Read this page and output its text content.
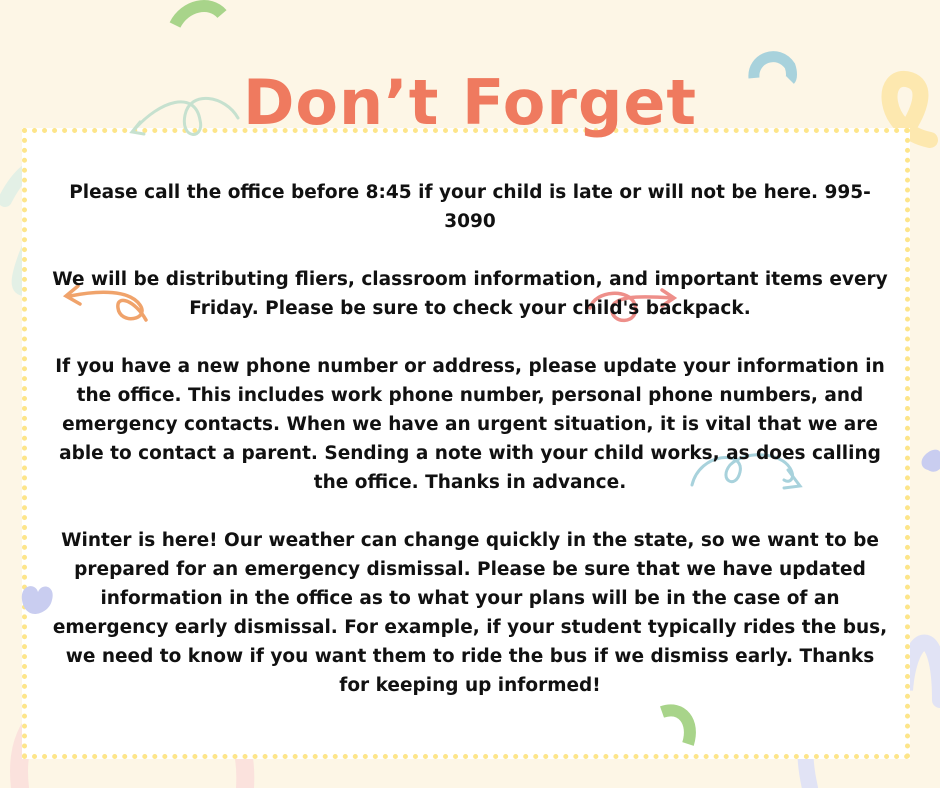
Don’t Forget

Please call the office before 8:45 if your child is late or will not be here. 995-3090

We will be distributing fliers, classroom information, and important items every Friday. Please be sure to check your child's backpack.

If you have a new phone number or address, please update your information in the office. This includes work phone number, personal phone numbers, and emergency contacts. When we have an urgent situation, it is vital that we are able to contact a parent. Sending a note with your child works, as does calling the office. Thanks in advance.

Winter is here! Our weather can change quickly in the state, so we want to be prepared for an emergency dismissal. Please be sure that we have updated information in the office as to what your plans will be in the case of an emergency early dismissal. For example, if your student typically rides the bus, we need to know if you want them to ride the bus if we dismiss early. Thanks for keeping up informed!
